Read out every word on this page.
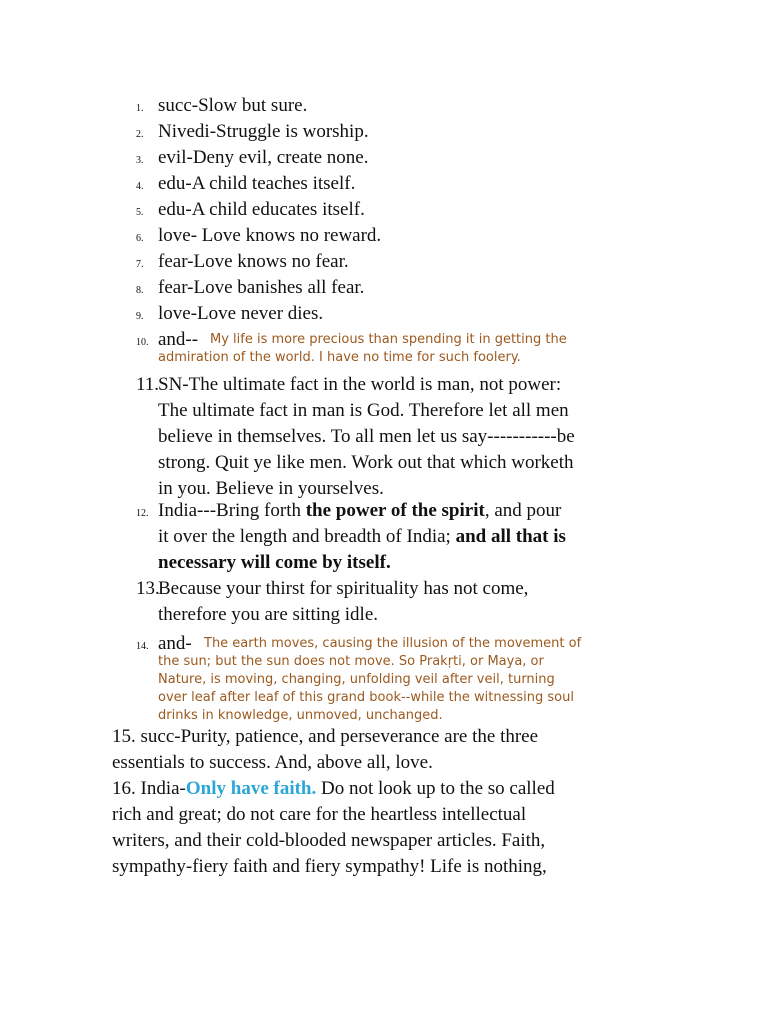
1. succ-Slow but sure.
2. Nivedi-Struggle is worship.
3. evil-Deny evil, create none.
4. edu-A child teaches itself.
5. edu-A child educates itself.
6. love- Love knows no reward.
7. fear-Love knows no fear.
8. fear-Love banishes all fear.
9. love-Love never dies.
10. and-- My life is more precious than spending it in getting the
admiration of the world. I have no time for such foolery.
11.
SN-The ultimate fact in the world is man, not power:
The ultimate fact in man is God. Therefore let all men
believe in themselves. To all men let us say-----------be
strong. Quit ye like men. Work out that which worketh
in you. Believe in yourselves.
12. India---Bring forth the power of the spirit, and pour
it over the length and breadth of India; and all that is
necessary will come by itself.
13.
Because your thirst for spirituality has not come,
therefore you are sitting idle.
14. and- The earth moves, causing the illusion of the movement of
the sun; but the sun does not move. So Prakṛti, or Maya, or
Nature, is moving, changing, unfolding veil after veil, turning
over leaf after leaf of this grand book--while the witnessing soul
drinks in knowledge, unmoved, unchanged.
15. succ-Purity, patience, and perseverance are the three
essentials to success. And, above all, love.
16. India-Only have faith. Do not look up to the so called
rich and great; do not care for the heartless intellectual
writers, and their cold-blooded newspaper articles. Faith,
sympathy-fiery faith and fiery sympathy! Life is nothing,
